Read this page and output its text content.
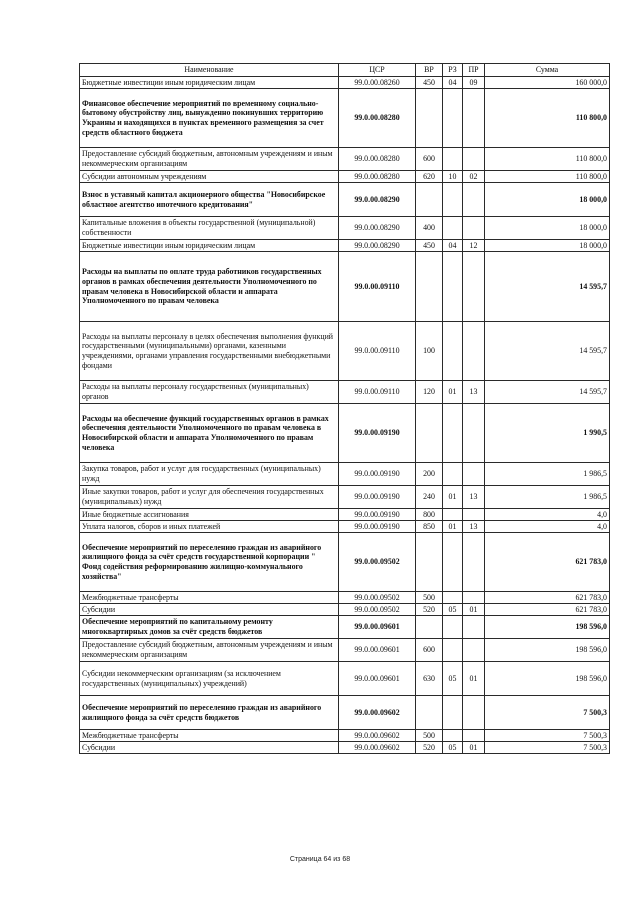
Наименование	ЦСР	ВР	РЗ	ПР	Сумма
Бюджетные инвестиции иным юридическим лицам	99.0.00.08260	450	04	09	160 000,0
Финансовое обеспечение мероприятий по временному социально-бытовому обустройству лиц, вынужденно покинувших территорию Украины и находящихся в пунктах временного размещения за счет средств областного бюджета	99.0.00.08280				110 800,0
Предоставление субсидий бюджетным, автономным учреждениям и иным некоммерческим организациям	99.0.00.08280	600			110 800,0
Субсидии автономным учреждениям	99.0.00.08280	620	10	02	110 800,0
Взнос в уставный капитал акционерного общества "Новосибирское областное агентство ипотечного кредитования"	99.0.00.08290				18 000,0
Капитальные вложения в объекты государственной (муниципальной) собственности	99.0.00.08290	400			18 000,0
Бюджетные инвестиции иным юридическим лицам	99.0.00.08290	450	04	12	18 000,0
Расходы на выплаты по оплате труда работников государственных органов в рамках обеспечения деятельности Уполномоченного по правам человека в Новосибирской области и аппарата Уполномоченного по правам человека	99.0.00.09110				14 595,7
Расходы на выплаты персоналу в целях обеспечения выполнения функций государственными (муниципальными) органами, казенными учреждениями, органами управления государственными внебюджетными фондами	99.0.00.09110	100			14 595,7
Расходы на выплаты персоналу государственных (муниципальных) органов	99.0.00.09110	120	01	13	14 595,7
Расходы на обеспечение функций государственных органов в рамках обеспечения деятельности Уполномоченного по правам человека в Новосибирской области и аппарата Уполномоченного по правам человека	99.0.00.09190				1 990,5
Закупка товаров, работ и услуг для государственных (муниципальных) нужд	99.0.00.09190	200			1 986,5
Иные закупки товаров, работ и услуг для обеспечения государственных (муниципальных) нужд	99.0.00.09190	240	01	13	1 986,5
Иные бюджетные ассигнования	99.0.00.09190	800			4,0
Уплата налогов, сборов и иных платежей	99.0.00.09190	850	01	13	4,0
Обеспечение мероприятий по переселению граждан из аварийного жилищного фонда за счёт средств государственной корпорации " Фонд содействия реформированию жилищно-коммунального хозяйства"	99.0.00.09502				621 783,0
Межбюджетные трансферты	99.0.00.09502	500			621 783,0
Субсидии	99.0.00.09502	520	05	01	621 783,0
Обеспечение мероприятий по капитальному ремонту многоквартирных домов за счёт средств бюджетов	99.0.00.09601				198 596,0
Предоставление субсидий бюджетным, автономным учреждениям и иным некоммерческим организациям	99.0.00.09601	600			198 596,0
Субсидии некоммерческим организациям (за исключением государственных (муниципальных) учреждений)	99.0.00.09601	630	05	01	198 596,0
Обеспечение мероприятий по переселению граждан из аварийного жилищного фонда за счёт средств бюджетов	99.0.00.09602				7 500,3
Межбюджетные трансферты	99.0.00.09602	500			7 500,3
Субсидии	99.0.00.09602	520	05	01	7 500,3
Страница 64 из 68
